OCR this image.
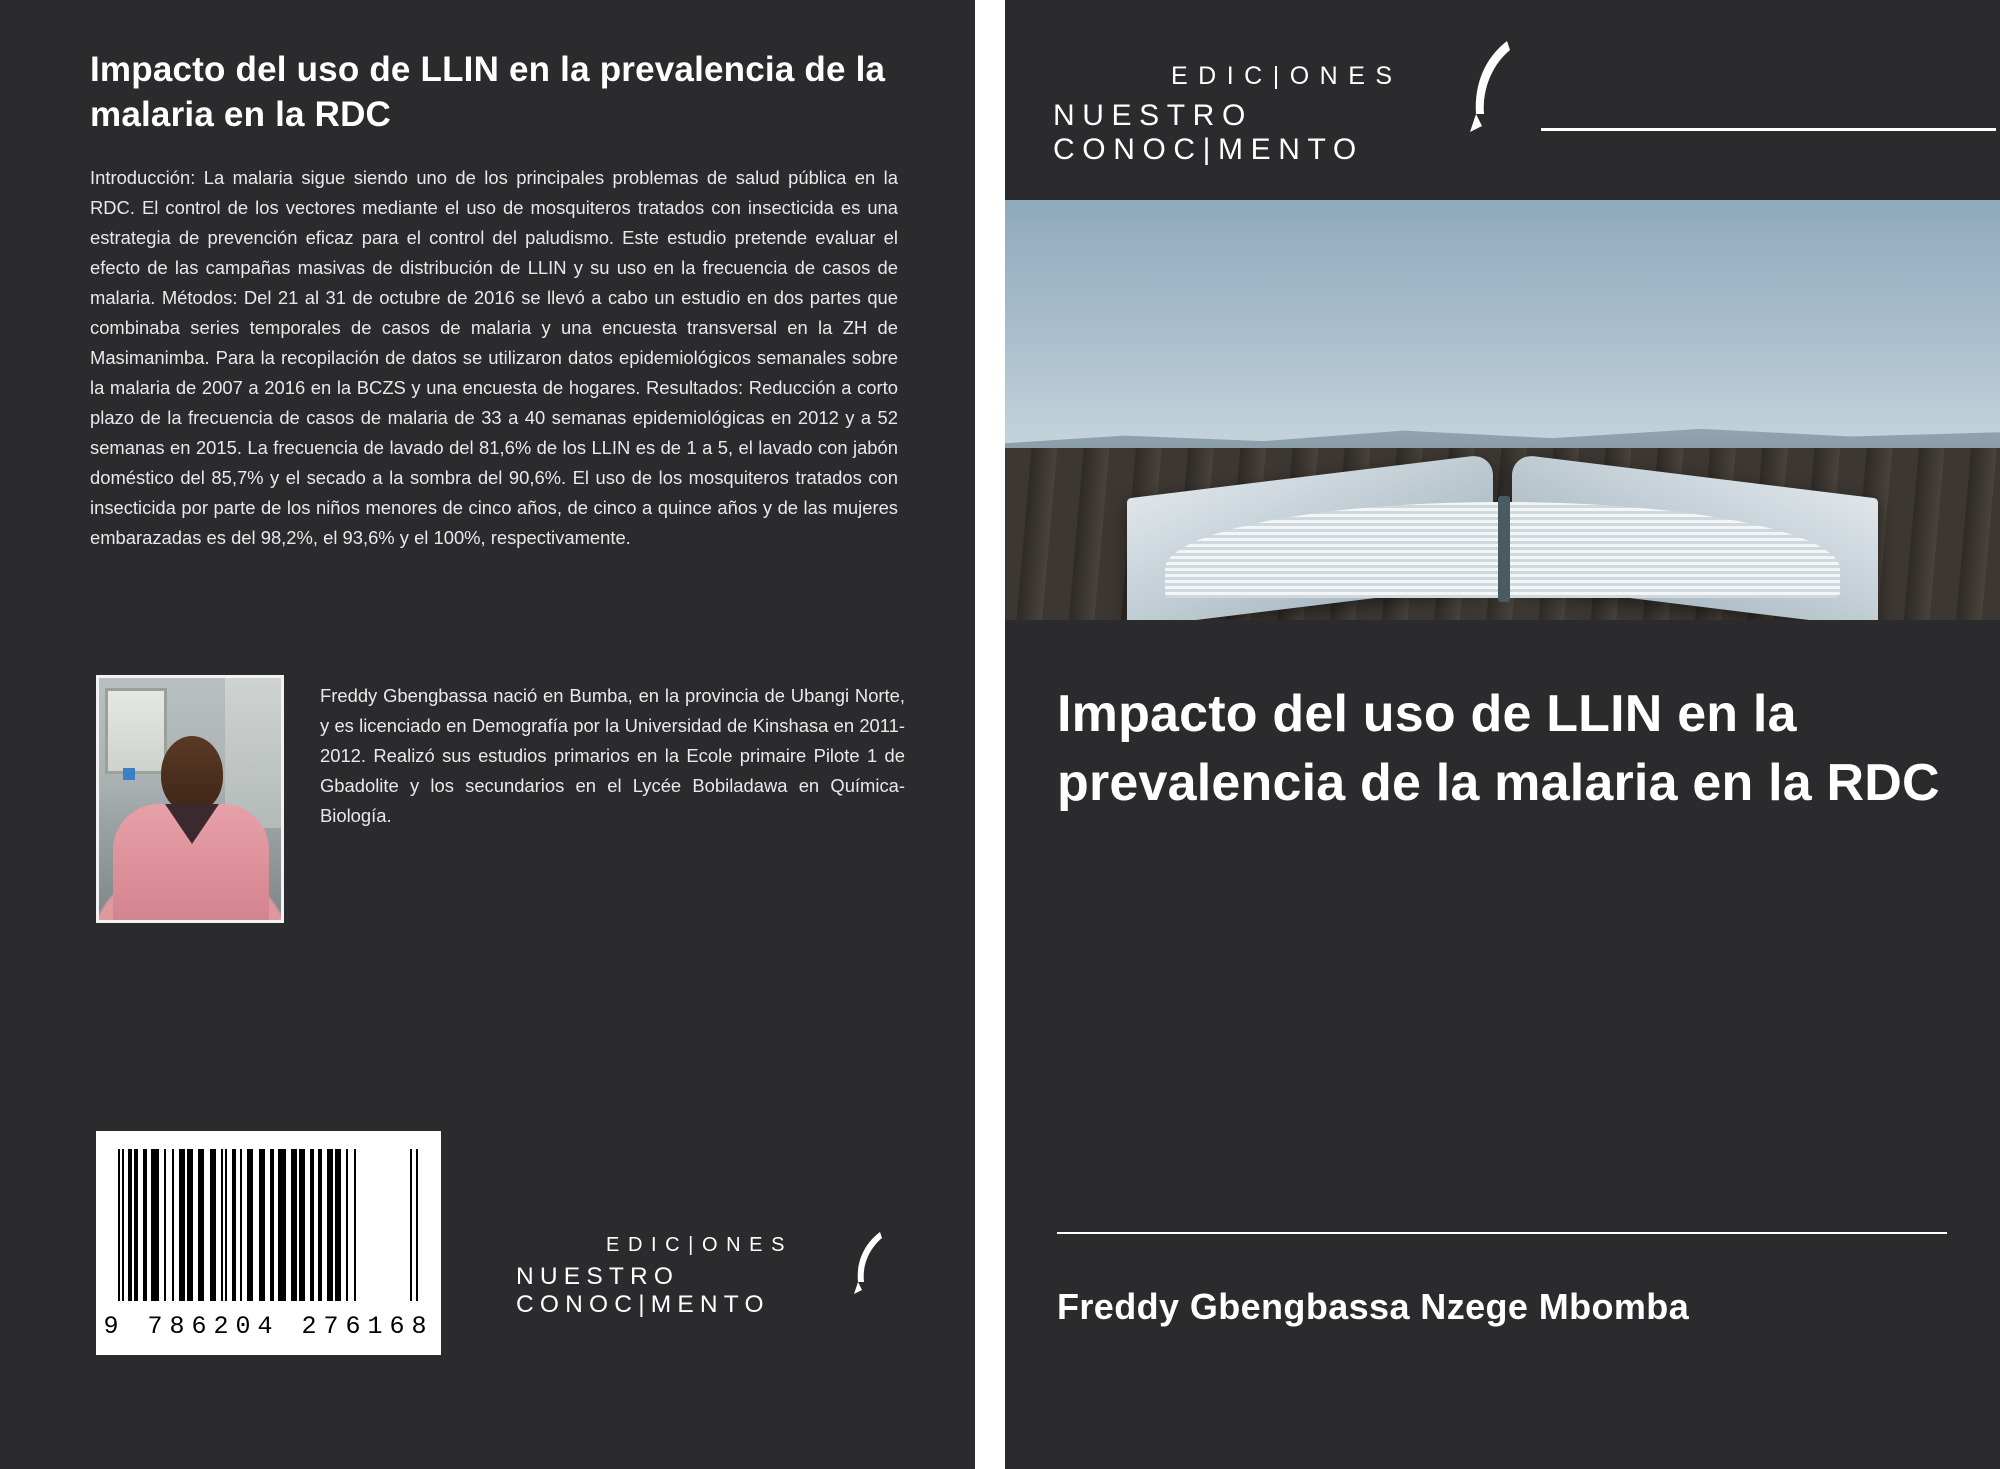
Impacto del uso de LLIN en la prevalencia de la malaria en la RDC
Introducción: La malaria sigue siendo uno de los principales problemas de salud pública en la RDC. El control de los vectores mediante el uso de mosquiteros tratados con insecticida es una estrategia de prevención eficaz para el control del paludismo. Este estudio pretende evaluar el efecto de las campañas masivas de distribución de LLIN y su uso en la frecuencia de casos de malaria. Métodos: Del 21 al 31 de octubre de 2016 se llevó a cabo un estudio en dos partes que combinaba series temporales de casos de malaria y una encuesta transversal en la ZH de Masimanimba. Para la recopilación de datos se utilizaron datos epidemiológicos semanales sobre la malaria de 2007 a 2016 en la BCZS y una encuesta de hogares. Resultados: Reducción a corto plazo de la frecuencia de casos de malaria de 33 a 40 semanas epidemiológicas en 2012 y a 52 semanas en 2015. La frecuencia de lavado del 81,6% de los LLIN es de 1 a 5, el lavado con jabón doméstico del 85,7% y el secado a la sombra del 90,6%. El uso de los mosquiteros tratados con insecticida por parte de los niños menores de cinco años, de cinco a quince años y de las mujeres embarazadas es del 98,2%, el 93,6% y el 100%, respectivamente.
Freddy Gbengbassa nació en Bumba, en la provincia de Ubangi Norte, y es licenciado en Demografía por la Universidad de Kinshasa en 2011-2012. Realizó sus estudios primarios en la Ecole primaire Pilote 1 de Gbadolite y los secundarios en el Lycée Bobiladawa en Química-Biología.
9 786204 276168
EDIC|ONES
NUESTRO CONOC|MENTO
EDIC|ONES
NUESTRO CONOC|MENTO
Impacto del uso de LLIN en la prevalencia de la malaria en la RDC
Freddy Gbengbassa Nzege Mbomba
